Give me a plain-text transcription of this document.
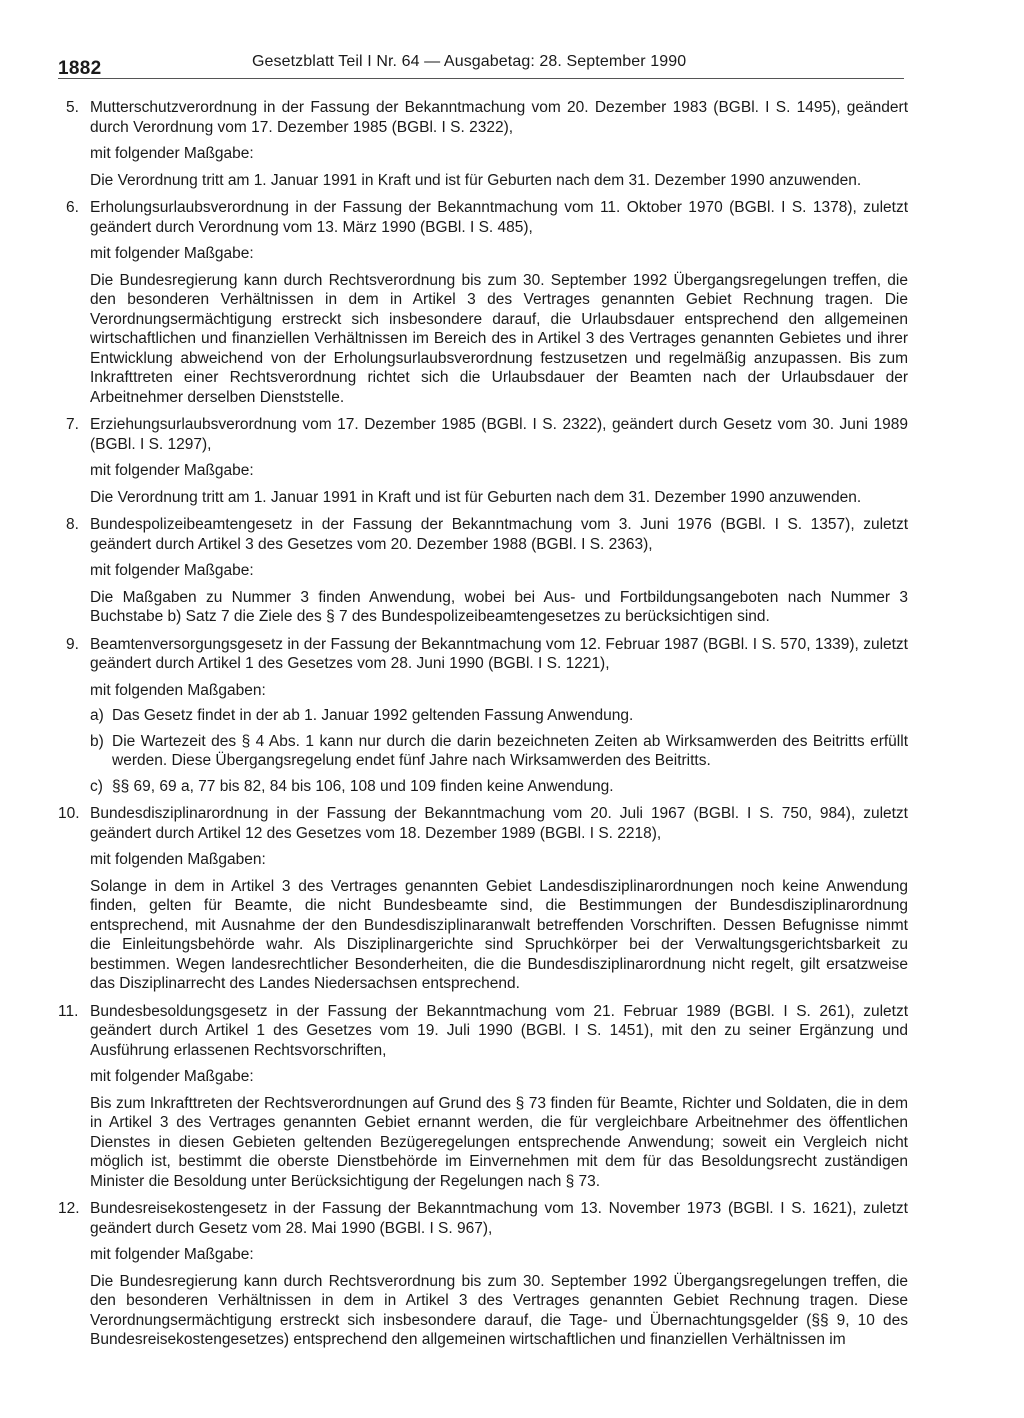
1882	Gesetzblatt Teil I Nr. 64 — Ausgabetag: 28. September 1990
5. Mutterschutzverordnung in der Fassung der Bekanntmachung vom 20. Dezember 1983 (BGBl. I S. 1495), geändert durch Verordnung vom 17. Dezember 1985 (BGBl. I S. 2322),
mit folgender Maßgabe:
Die Verordnung tritt am 1. Januar 1991 in Kraft und ist für Geburten nach dem 31. Dezember 1990 anzuwenden.
6. Erholungsurlaubsverordnung in der Fassung der Bekanntmachung vom 11. Oktober 1970 (BGBl. I S. 1378), zuletzt geändert durch Verordnung vom 13. März 1990 (BGBl. I S. 485),
mit folgender Maßgabe:
Die Bundesregierung kann durch Rechtsverordnung bis zum 30. September 1992 Übergangsregelungen treffen, die den besonderen Verhältnissen in dem in Artikel 3 des Vertrages genannten Gebiet Rechnung tragen. Die Verordnungsermächtigung erstreckt sich insbesondere darauf, die Urlaubsdauer entsprechend den allgemeinen wirtschaftlichen und finanziellen Verhältnissen im Bereich des in Artikel 3 des Vertrages genannten Gebietes und ihrer Entwicklung abweichend von der Erholungsurlaubsverordnung festzusetzen und regelmäßig anzupassen. Bis zum Inkrafttreten einer Rechtsverordnung richtet sich die Urlaubsdauer der Beamten nach der Urlaubsdauer der Arbeitnehmer derselben Dienststelle.
7. Erziehungsurlaubsverordnung vom 17. Dezember 1985 (BGBl. I S. 2322), geändert durch Gesetz vom 30. Juni 1989 (BGBl. I S. 1297),
mit folgender Maßgabe:
Die Verordnung tritt am 1. Januar 1991 in Kraft und ist für Geburten nach dem 31. Dezember 1990 anzuwenden.
8. Bundespolizeibeamtengesetz in der Fassung der Bekanntmachung vom 3. Juni 1976 (BGBl. I S. 1357), zuletzt geändert durch Artikel 3 des Gesetzes vom 20. Dezember 1988 (BGBl. I S. 2363),
mit folgender Maßgabe:
Die Maßgaben zu Nummer 3 finden Anwendung, wobei bei Aus- und Fortbildungsangeboten nach Nummer 3 Buchstabe b) Satz 7 die Ziele des § 7 des Bundespolizeibeamtengesetzes zu berücksichtigen sind.
9. Beamtenversorgungsgesetz in der Fassung der Bekanntmachung vom 12. Februar 1987 (BGBl. I S. 570, 1339), zuletzt geändert durch Artikel 1 des Gesetzes vom 28. Juni 1990 (BGBl. I S. 1221),
mit folgenden Maßgaben:
a) Das Gesetz findet in der ab 1. Januar 1992 geltenden Fassung Anwendung.
b) Die Wartezeit des § 4 Abs. 1 kann nur durch die darin bezeichneten Zeiten ab Wirksamwerden des Beitritts erfüllt werden. Diese Übergangsregelung endet fünf Jahre nach Wirksamwerden des Beitritts.
c) §§ 69, 69 a, 77 bis 82, 84 bis 106, 108 und 109 finden keine Anwendung.
10. Bundesdisziplinarordnung in der Fassung der Bekanntmachung vom 20. Juli 1967 (BGBl. I S. 750, 984), zuletzt geändert durch Artikel 12 des Gesetzes vom 18. Dezember 1989 (BGBl. I S. 2218),
mit folgenden Maßgaben:
Solange in dem in Artikel 3 des Vertrages genannten Gebiet Landesdisziplinarordnungen noch keine Anwendung finden, gelten für Beamte, die nicht Bundesbeamte sind, die Bestimmungen der Bundesdisziplinarordnung entsprechend, mit Ausnahme der den Bundesdisziplinaranwalt betreffenden Vorschriften. Dessen Befugnisse nimmt die Einleitungsbehörde wahr. Als Disziplinargerichte sind Spruchkörper bei der Verwaltungsgerichtsbarkeit zu bestimmen. Wegen landesrechtlicher Besonderheiten, die die Bundesdisziplinarordnung nicht regelt, gilt ersatzweise das Disziplinarrecht des Landes Niedersachsen entsprechend.
11. Bundesbesoldungsgesetz in der Fassung der Bekanntmachung vom 21. Februar 1989 (BGBl. I S. 261), zuletzt geändert durch Artikel 1 des Gesetzes vom 19. Juli 1990 (BGBl. I S. 1451), mit den zu seiner Ergänzung und Ausführung erlassenen Rechtsvorschriften,
mit folgender Maßgabe:
Bis zum Inkrafttreten der Rechtsverordnungen auf Grund des § 73 finden für Beamte, Richter und Soldaten, die in dem in Artikel 3 des Vertrages genannten Gebiet ernannt werden, die für vergleichbare Arbeitnehmer des öffentlichen Dienstes in diesen Gebieten geltenden Bezügeregelungen entsprechende Anwendung; soweit ein Vergleich nicht möglich ist, bestimmt die oberste Dienstbehörde im Einvernehmen mit dem für das Besoldungsrecht zuständigen Minister die Besoldung unter Berücksichtigung der Regelungen nach § 73.
12. Bundesreisekostengesetz in der Fassung der Bekanntmachung vom 13. November 1973 (BGBl. I S. 1621), zuletzt geändert durch Gesetz vom 28. Mai 1990 (BGBl. I S. 967),
mit folgender Maßgabe:
Die Bundesregierung kann durch Rechtsverordnung bis zum 30. September 1992 Übergangsregelungen treffen, die den besonderen Verhältnissen in dem in Artikel 3 des Vertrages genannten Gebiet Rechnung tragen. Diese Verordnungsermächtigung erstreckt sich insbesondere darauf, die Tage- und Übernachtungsgelder (§§ 9, 10 des Bundesreisekostengesetzes) entsprechend den allgemeinen wirtschaftlichen und finanziellen Verhältnissen im
